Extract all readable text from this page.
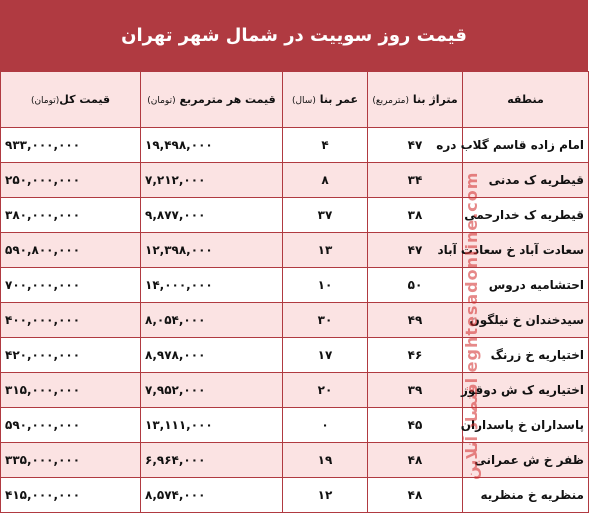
قیمت روز سوییت در شمال شهر تهران
منطقه	متراژ بنا (مترمربع)	عمر بنا (سال)	قیمت هر مترمربع (تومان)	قیمت کل(تومان)
امام زاده قاسم گلاب دره	۴۷	۴	۱۹,۴۹۸,۰۰۰	۹۳۳,۰۰۰,۰۰۰
قیطریه ک مدنی	۳۴	۸	۷,۲۱۲,۰۰۰	۲۵۰,۰۰۰,۰۰۰
قیطریه ک خدارحمی	۳۸	۳۷	۹,۸۷۷,۰۰۰	۳۸۰,۰۰۰,۰۰۰
سعادت آباد خ سعادت آباد	۴۷	۱۳	۱۲,۳۹۸,۰۰۰	۵۹۰,۸۰۰,۰۰۰
احتشامیه دروس	۵۰	۱۰	۱۴,۰۰۰,۰۰۰	۷۰۰,۰۰۰,۰۰۰
سیدخندان خ نیلگون	۴۹	۳۰	۸,۰۵۴,۰۰۰	۴۰۰,۰۰۰,۰۰۰
اختیاریه خ زرنگ	۴۶	۱۷	۸,۹۷۸,۰۰۰	۴۲۰,۰۰۰,۰۰۰
اختیاریه ک ش دوقوز	۳۹	۲۰	۷,۹۵۲,۰۰۰	۳۱۵,۰۰۰,۰۰۰
پاسداران خ پاسداران	۴۵	۰	۱۳,۱۱۱,۰۰۰	۵۹۰,۰۰۰,۰۰۰
ظفر خ ش عمرانی	۴۸	۱۹	۶,۹۶۴,۰۰۰	۳۳۵,۰۰۰,۰۰۰
منظریه خ منظریه	۴۸	۱۲	۸,۵۷۴,۰۰۰	۴۱۵,۰۰۰,۰۰۰
اقتصاد آنلاین eghtesadonline.com
